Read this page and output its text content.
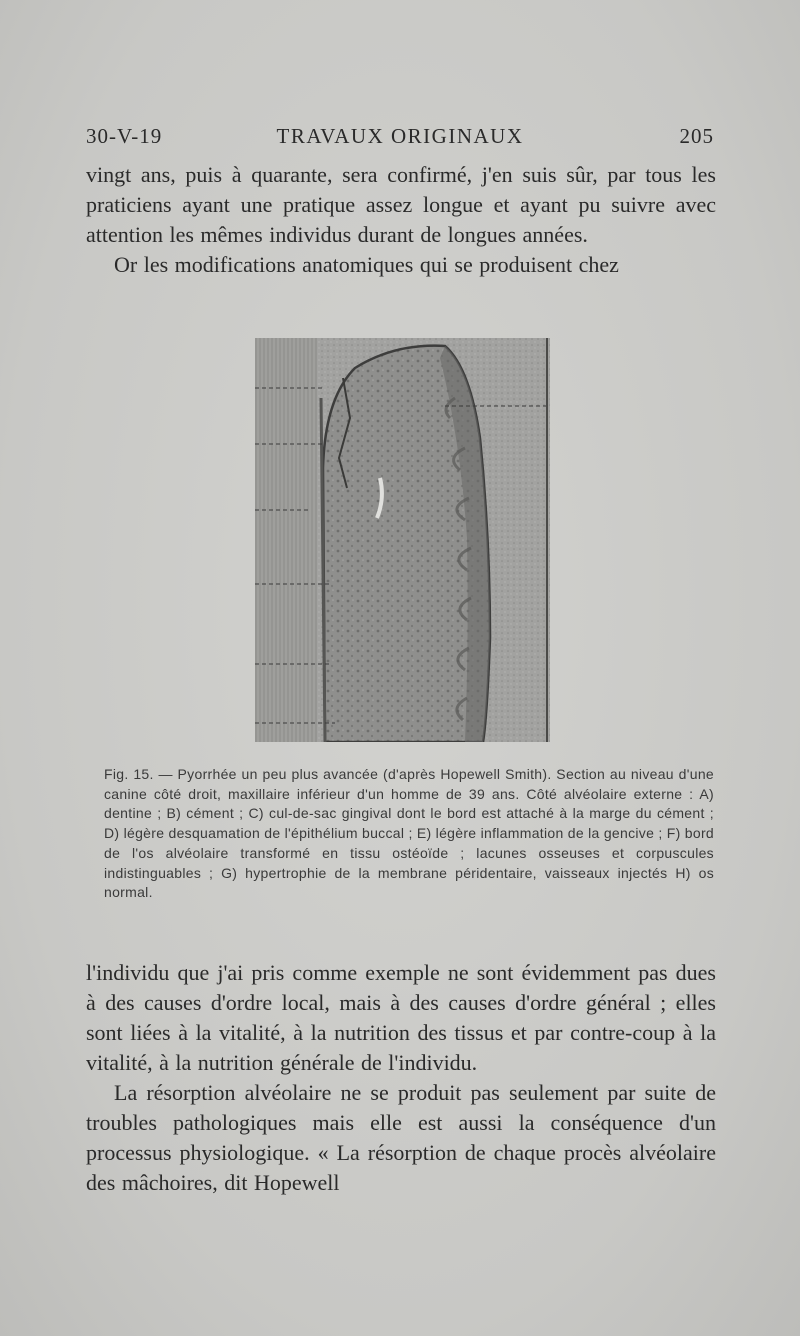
30-V-19	TRAVAUX ORIGINAUX	205

vingt ans, puis à quarante, sera confirmé, j'en suis sûr, par tous les praticiens ayant une pratique assez longue et ayant pu suivre avec attention les mêmes individus durant de longues années.

Or les modifications anatomiques qui se produisent chez

Fig. 15. — Pyorrhée un peu plus avancée (d'après Hopewell Smith). Section au niveau d'une canine côté droit, maxillaire inférieur d'un homme de 39 ans. Côté alvéolaire externe : A) dentine ; B) cément ; C) cul-de-sac gingival dont le bord est attaché à la marge du cément ; D) légère desquamation de l'épithélium buccal ; E) légère inflammation de la gencive ; F) bord de l'os alvéolaire transformé en tissu ostéoïde ; lacunes osseuses et corpuscules indistinguables ; G) hypertrophie de la membrane péridentaire, vaisseaux injectés H) os normal.

l'individu que j'ai pris comme exemple ne sont évidemment pas dues à des causes d'ordre local, mais à des causes d'ordre général ; elles sont liées à la vitalité, à la nutrition des tissus et par contre-coup à la vitalité, à la nutrition générale de l'individu.

La résorption alvéolaire ne se produit pas seulement par suite de troubles pathologiques mais elle est aussi la conséquence d'un processus physiologique. « La résorption de chaque procès alvéolaire des mâchoires, dit Hopewell
